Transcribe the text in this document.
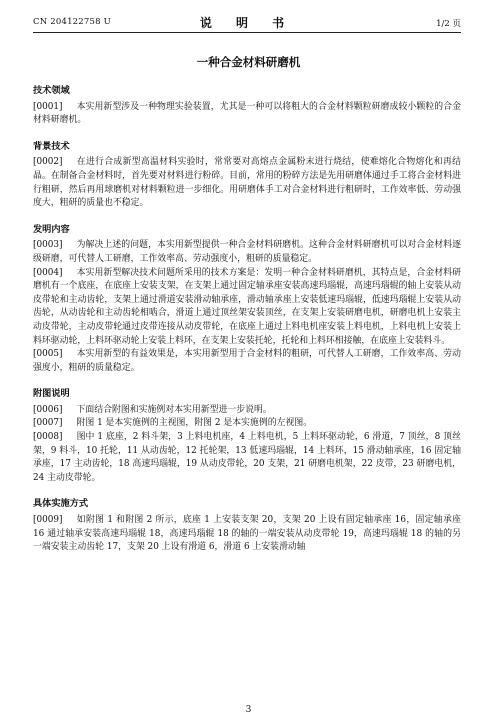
CN 204122758 U	说 明 书	1/2 页
一种合金材料研磨机
技术领域

[0001] 本实用新型涉及一种物理实验装置，尤其是一种可以将粗大的合金材料颗粒研磨成较小颗粒的合金材料研磨机。

背景技术

[0002] 在进行合成新型高温材料实验时，常常要对高熔点金属粉末进行烧结，使难熔化合物熔化和再结晶。在制备合金材料时，首先要对材料进行粉碎。目前，常用的粉碎方法是先用研磨体通过手工将合金材料进行粗研，然后再用球磨机对材料颗粒进一步细化。用研磨体手工对合金材料进行粗研时，工作效率低、劳动强度大，粗研的质量也不稳定。

发明内容

[0003] 为解决上述的问题，本实用新型提供一种合金材料研磨机。这种合金材料研磨机可以对合金材料逐级研磨，可代替人工研磨，工作效率高、劳动强度小，粗研的质量稳定。

[0004] 本实用新型解决技术问题所采用的技术方案是：发明一种合金材料研磨机，其特点是，合金材料研磨机有一个底座，在底座上安装支架，在支架上通过固定轴承座安装高速玛瑙辊，高速玛瑙辊的轴上安装从动皮带轮和主动齿轮，支架上通过滑道安装滑动轴承座，滑动轴承座上安装低速玛瑙辊，低速玛瑙辊上安装从动齿轮，从动齿轮和主动齿轮相啮合，滑道上通过顶丝架安装顶丝，在支架上安装研磨电机，研磨电机上安装主动皮带轮，主动皮带轮通过皮带连接从动皮带轮，在底座上通过上料电机座安装上料电机，上料电机上安装上料环驱动轮，上料环驱动轮上安装上料环，在支架上安装托轮，托轮和上料环相接触，在底座上安装料斗。

[0005] 本实用新型的有益效果是，本实用新型用于合金材料的粗研，可代替人工研磨，工作效率高、劳动强度小，粗研的质量稳定。

附图说明

[0006] 下面结合附图和实施例对本实用新型进一步说明。

[0007] 附图 1 是本实施例的主视图，附图 2 是本实施例的左视图。

[0008] 图中 1 底座，2 料斗架，3 上料电机座，4 上料电机，5 上料环驱动轮，6 滑道，7 顶丝，8 顶丝架，9 料斗，10 托轮，11 从动齿轮，12 托轮架，13 低速玛瑙辊，14 上料环，15 滑动轴承座，16 固定轴承座，17 主动齿轮，18 高速玛瑙辊，19 从动皮带轮，20 支架，21 研磨电机架，22 皮带，23 研磨电机，24 主动皮带轮。

具体实施方式

[0009] 如附图 1 和附图 2 所示，底座 1 上安装支架 20，支架 20 上设有固定轴承座 16，固定轴承座 16 通过轴承安装高速玛瑙辊 18，高速玛瑙辊 18 的轴的一端安装从动皮带轮 19，高速玛瑙辊 18 的轴的另一端安装主动齿轮 17，支架 20 上设有滑道 6，滑道 6 上安装滑动轴

3
